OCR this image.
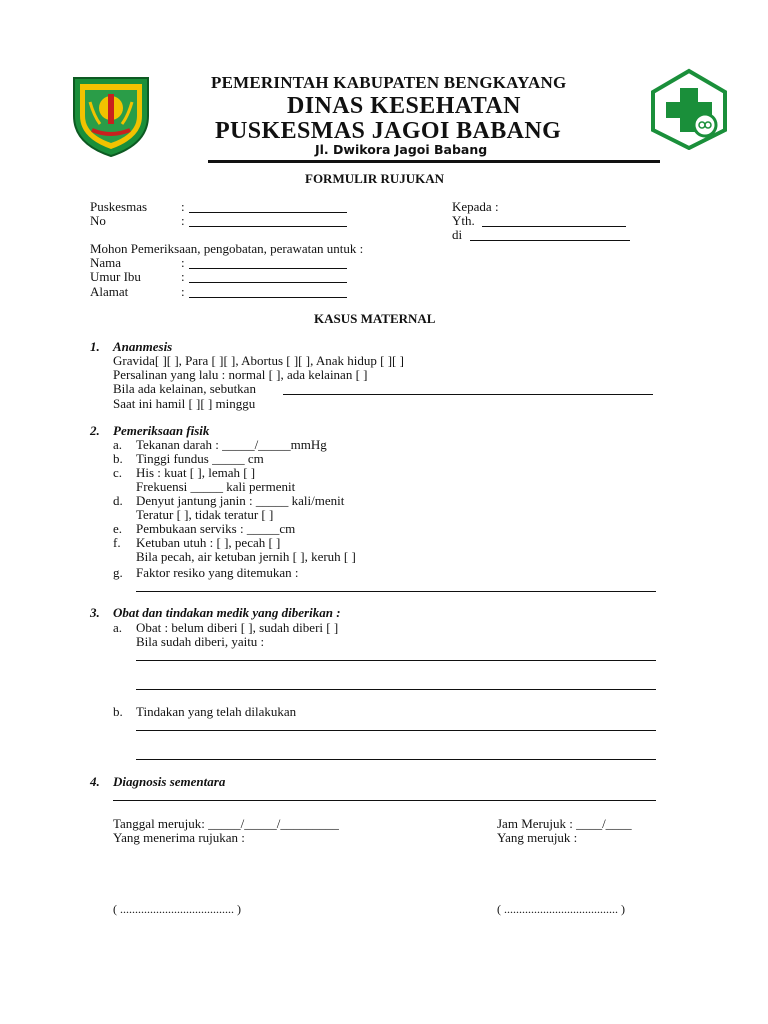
PEMERINTAH KABUPATEN BENGKAYANG
DINAS KESEHATAN
PUSKESMAS JAGOI BABANG
Jl. Dwikora Jagoi Babang
FORMULIR RUJUKAN
Puskesmas	:
No	:
Kepada :
Yth.
di
Mohon Pemeriksaan, pengobatan, perawatan untuk :
Nama	:
Umur Ibu	:
Alamat	:
KASUS MATERNAL
1. Ananmesis
Gravida[ ][ ], Para [ ][ ], Abortus [ ][ ], Anak hidup [ ][ ]
Persalinan yang lalu : normal [ ], ada kelainan [ ]
Bila ada kelainan, sebutkan
Saat ini hamil [ ][ ] minggu
2. Pemeriksaan fisik
a. Tekanan darah : _____/_____mmHg
b. Tinggi fundus _____ cm
c. His : kuat [ ], lemah [ ]
Frekuensi _____ kali permenit
d. Denyut jantung janin : _____ kali/menit
Teratur [ ], tidak teratur [ ]
e. Pembukaan serviks : _____cm
f. Ketuban utuh : [ ], pecah [ ]
Bila pecah, air ketuban jernih [ ], keruh [ ]
g. Faktor resiko yang ditemukan :
3. Obat dan tindakan medik yang diberikan :
a. Obat : belum diberi [ ], sudah diberi [ ]
Bila sudah diberi, yaitu :
b. Tindakan yang telah dilakukan
4. Diagnosis sementara
Tanggal merujuk: _____/_____/_________
Yang menerima rujukan :
Jam Merujuk : ____/____
Yang merujuk :
( ...................................... )	( ...................................... )
